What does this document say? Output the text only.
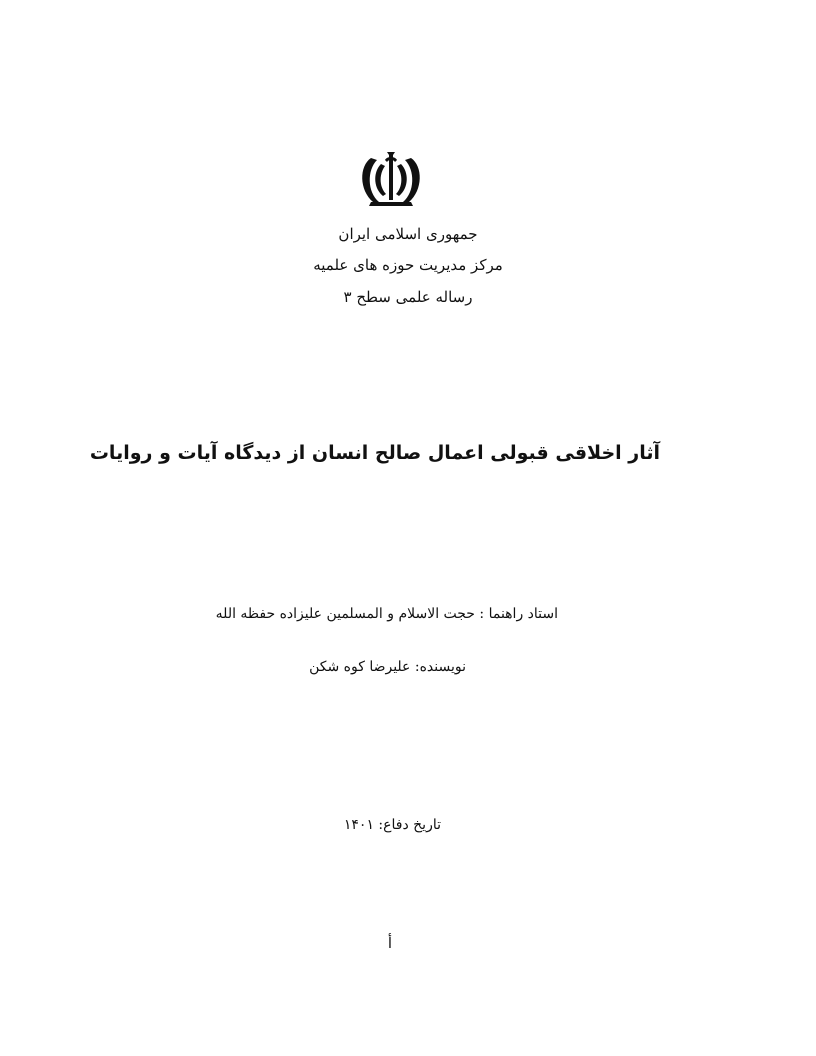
جمهوری اسلامی ایران
مرکز مدیریت حوزه های علمیه
رساله علمی سطح ۳
آثار اخلاقی قبولی اعمال صالح انسان از دیدگاه آیات و روایات
استاد راهنما : حجت الاسلام و المسلمین علیزاده حفظه الله
نویسنده: علیرضا کوه شکن
تاریخ دفاع: ۱۴۰۱
أ
